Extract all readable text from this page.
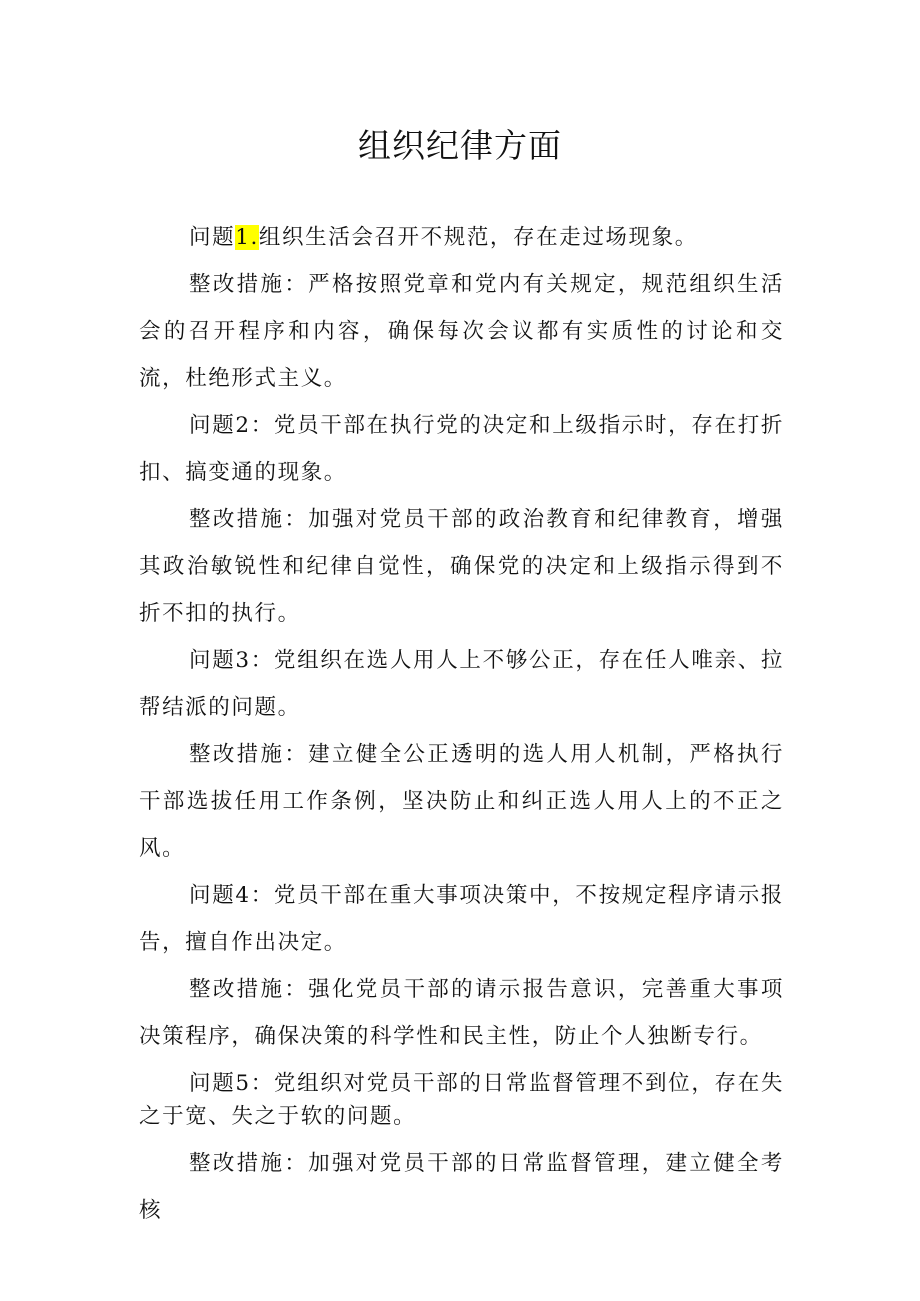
组织纪律方面

问题1.组织生活会召开不规范，存在走过场现象。

整改措施：严格按照党章和党内有关规定，规范组织生活会的召开程序和内容，确保每次会议都有实质性的讨论和交流，杜绝形式主义。

问题2：党员干部在执行党的决定和上级指示时，存在打折扣、搞变通的现象。

整改措施：加强对党员干部的政治教育和纪律教育，增强其政治敏锐性和纪律自觉性，确保党的决定和上级指示得到不折不扣的执行。

问题3：党组织在选人用人上不够公正，存在任人唯亲、拉帮结派的问题。

整改措施：建立健全公正透明的选人用人机制，严格执行干部选拔任用工作条例，坚决防止和纠正选人用人上的不正之风。

问题4：党员干部在重大事项决策中，不按规定程序请示报告，擅自作出决定。

整改措施：强化党员干部的请示报告意识，完善重大事项决策程序，确保决策的科学性和民主性，防止个人独断专行。

问题5：党组织对党员干部的日常监督管理不到位，存在失之于宽、失之于软的问题。

整改措施：加强对党员干部的日常监督管理，建立健全考核
